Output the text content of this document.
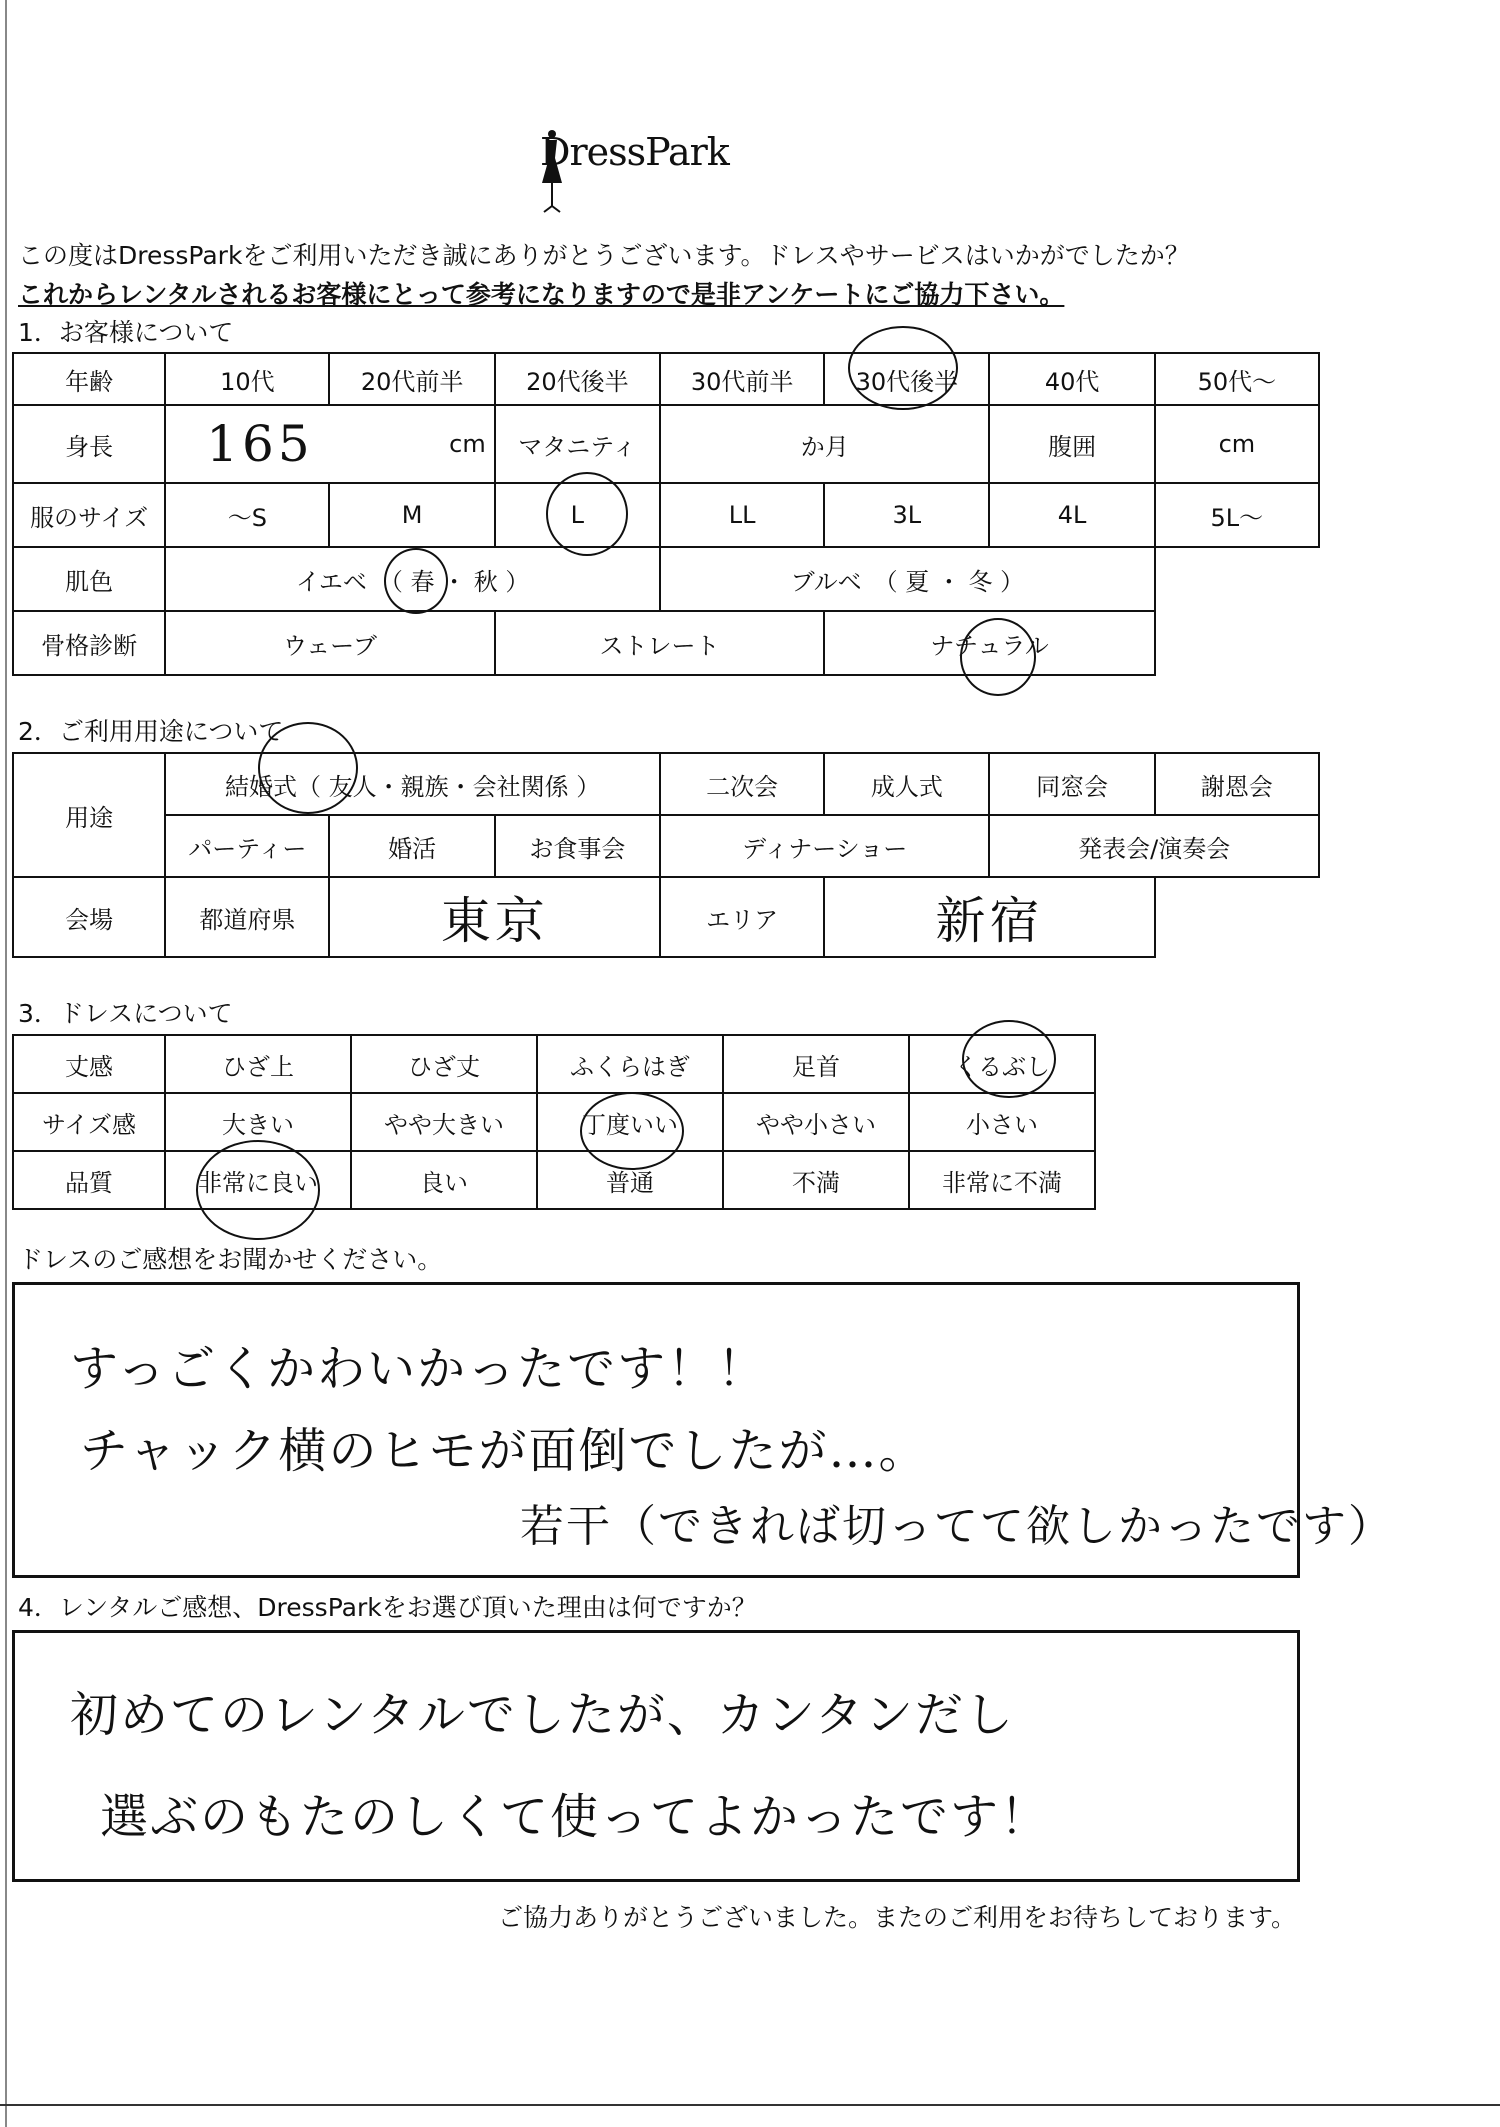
DressPark
この度はDressParkをご利用いただき誠にありがとうございます。ドレスやサービスはいかがでしたか？
これからレンタルされるお客様にとって参考になりますので是非アンケートにご協力下さい。
1．お客様について
年齢	10代	20代前半	20代後半	30代前半	30代後半	40代	50代〜
身長	165 cm		マタニティ	か月		腹囲	cm
服のサイズ	〜S	M	L	LL	3L	4L	5L〜
肌色	イエベ　（ 春 ・ 秋 ）			ブルベ　（ 夏 ・ 冬 ）			
骨格診断	ウェーブ		ストレート		ナチュラル		
2．ご利用用途について
用途	結婚式（ 友人・親族・会社関係 ）			二次会	成人式	同窓会	謝恩会
	パーティー	婚活	お食事会	ディナーショー		発表会/演奏会	
会場	都道府県	東京		エリア	新宿		
3．ドレスについて
丈感	ひざ上	ひざ丈	ふくらはぎ	足首	くるぶし
サイズ感	大きい	やや大きい	丁度いい	やや小さい	小さい
品質	非常に良い	良い	普通	不満	非常に不満
ドレスのご感想をお聞かせください。
すっごくかわいかったです！！
チャック横のヒモが面倒でしたが…。
若干（できれば切ってて欲しかったです）
4．レンタルご感想、DressParkをお選び頂いた理由は何ですか？
初めてのレンタルでしたが、カンタンだし
選ぶのもたのしくて使ってよかったです！
ご協力ありがとうございました。またのご利用をお待ちしております。
